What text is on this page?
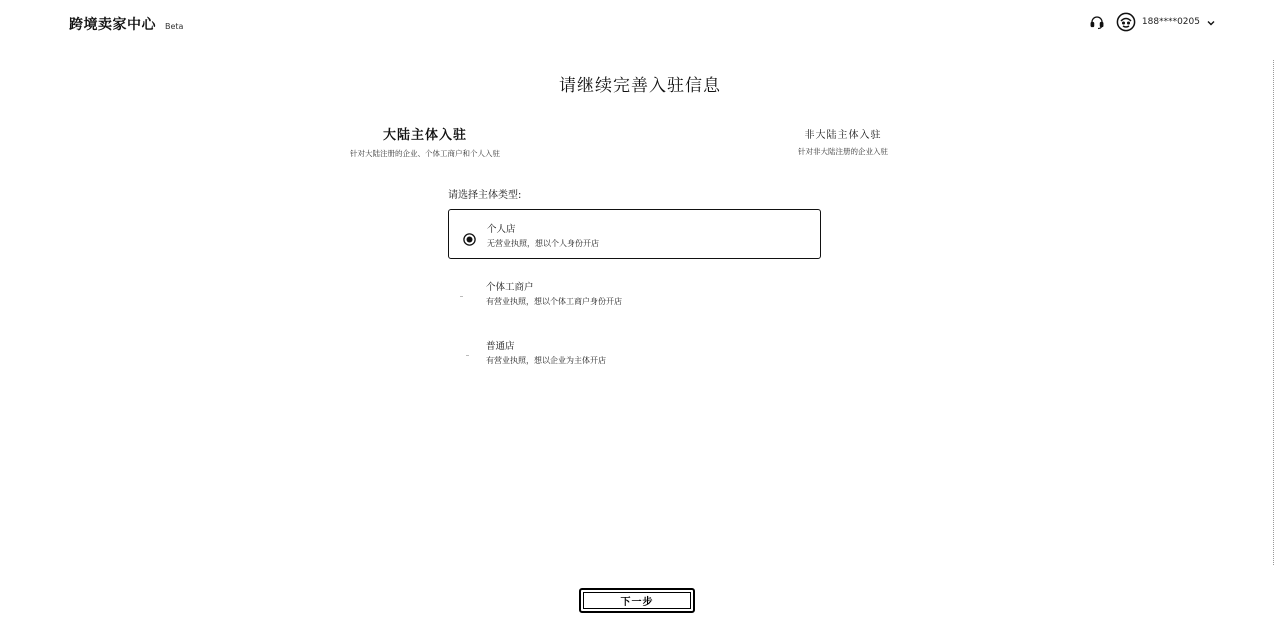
跨境卖家中心 Beta	188****0205
请继续完善入驻信息
大陆主体入驻
针对大陆注册的企业、个体工商户和个人入驻
非大陆主体入驻
针对非大陆注册的企业入驻
请选择主体类型:
个人店
无营业执照，想以个人身份开店
个体工商户
有营业执照，想以个体工商户身份开店
普通店
有营业执照，想以企业为主体开店
下一步
